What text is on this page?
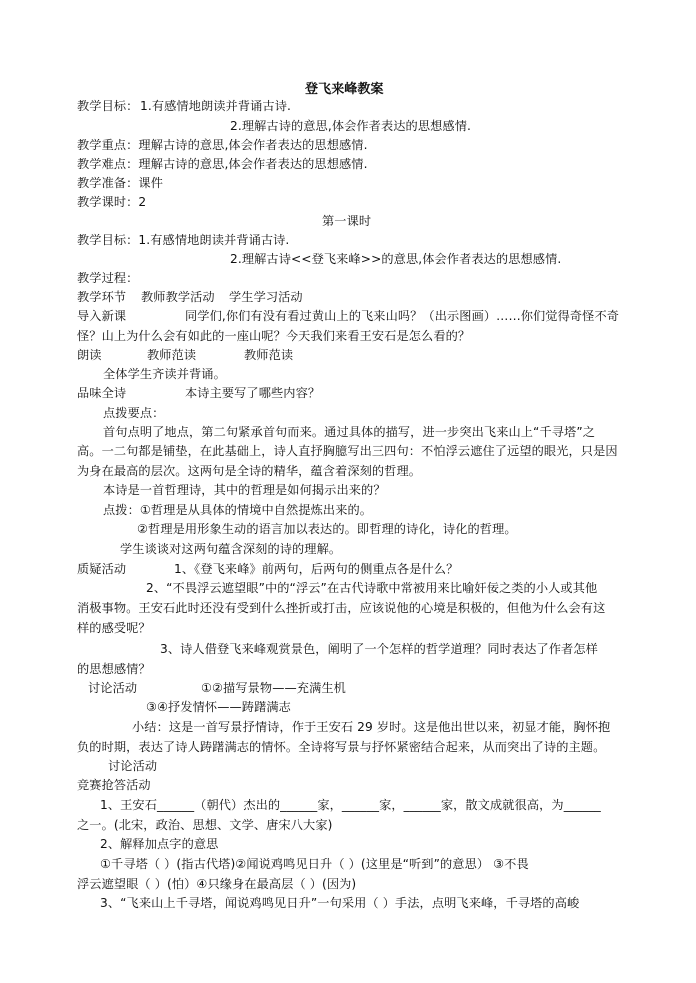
登飞来峰教案
教学目标： 1.有感情地朗读并背诵古诗.
2.理解古诗的意思,体会作者表达的思想感情.
教学重点：理解古诗的意思,体会作者表达的思想感情.
教学难点：理解古诗的意思,体会作者表达的思想感情.
教学准备：课件
教学课时：2
第一课时
教学目标：1.有感情地朗读并背诵古诗.
2.理解古诗<<登飞来峰>>的意思,体会作者表达的思想感情.
教学过程：
教学环节 教师教学活动 学生学习活动
导入新课	同学们,你们有没有看过黄山上的飞来山吗？（出示图画）……你们觉得奇怪不奇
怪？山上为什么会有如此的一座山呢？今天我们来看王安石是怎么看的？
朗读	教师范读	教师范读
全体学生齐读并背诵。
品味全诗	本诗主要写了哪些内容？
点拨要点：
首句点明了地点，第二句紧承首句而来。通过具体的描写，进一步突出飞来山上“千寻塔”之
高。一二句都是铺垫，在此基础上，诗人直抒胸臆写出三四句：不怕浮云遮住了远望的眼光，只是因
为身在最高的层次。这两句是全诗的精华，蕴含着深刻的哲理。
本诗是一首哲理诗，其中的哲理是如何揭示出来的？
点拨：①哲理是从具体的情境中自然提炼出来的。
②哲理是用形象生动的语言加以表达的。即哲理的诗化，诗化的哲理。
学生谈谈对这两句蕴含深刻的诗的理解。
质疑活动	1、《登飞来峰》前两句，后两句的侧重点各是什么？
2、“不畏浮云遮望眼”中的“浮云”在古代诗歌中常被用来比喻奸佞之类的小人或其他
消极事物。王安石此时还没有受到什么挫折或打击，应该说他的心境是积极的，但他为什么会有这
样的感受呢？
3、诗人借登飞来峰观赏景色，阐明了一个怎样的哲学道理？同时表达了作者怎样
的思想感情？
讨论活动	①②描写景物——充满生机
③④抒发情怀——踌躇满志
小结：这是一首写景抒情诗，作于王安石 29 岁时。这是他出世以来，初显才能，胸怀抱
负的时期，表达了诗人踌躇满志的情怀。全诗将写景与抒怀紧密结合起来，从而突出了诗的主题。
讨论活动
竞赛抢答活动
1、王安石______（朝代）杰出的______家，______家，______家，散文成就很高，为______
之一。(北宋，政治、思想、文学、唐宋八大家)
2、解释加点字的意思
①千寻塔（ ）(指古代塔)②闻说鸡鸣见日升（ ）(这里是“听到”的意思） ③不畏
浮云遮望眼（ ）(怕）④只缘身在最高层（ ）(因为)
3、“飞来山上千寻塔，闻说鸡鸣见日升”一句采用（ ）手法，点明飞来峰，千寻塔的高峻
